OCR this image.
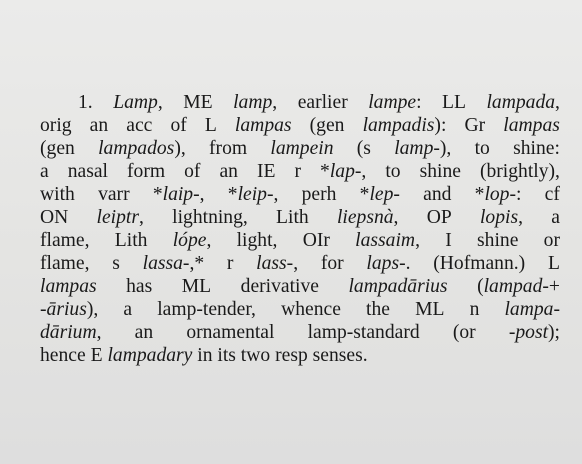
1. Lamp, ME lamp, earlier lampe: LL lampada,
orig an acc of L lampas (gen lampadis): Gr lampas
(gen lampados), from lampein (s lamp-), to shine:
a nasal form of an IE r *lap-, to shine (brightly),
with varr *laip-, *leip-, perh *lep- and *lop-: cf
ON leiptr, lightning, Lith liepsnà, OP lopis, a
flame, Lith lópe, light, OIr lassaim, I shine or
flame, s lassa-,* r lass-, for laps-. (Hofmann.) L
lampas has ML derivative lampadārius (lampad-+
-ārius), a lamp-tender, whence the ML n lampa-
dārium, an ornamental lamp-standard (or -post);
hence E lampadary in its two resp senses.
